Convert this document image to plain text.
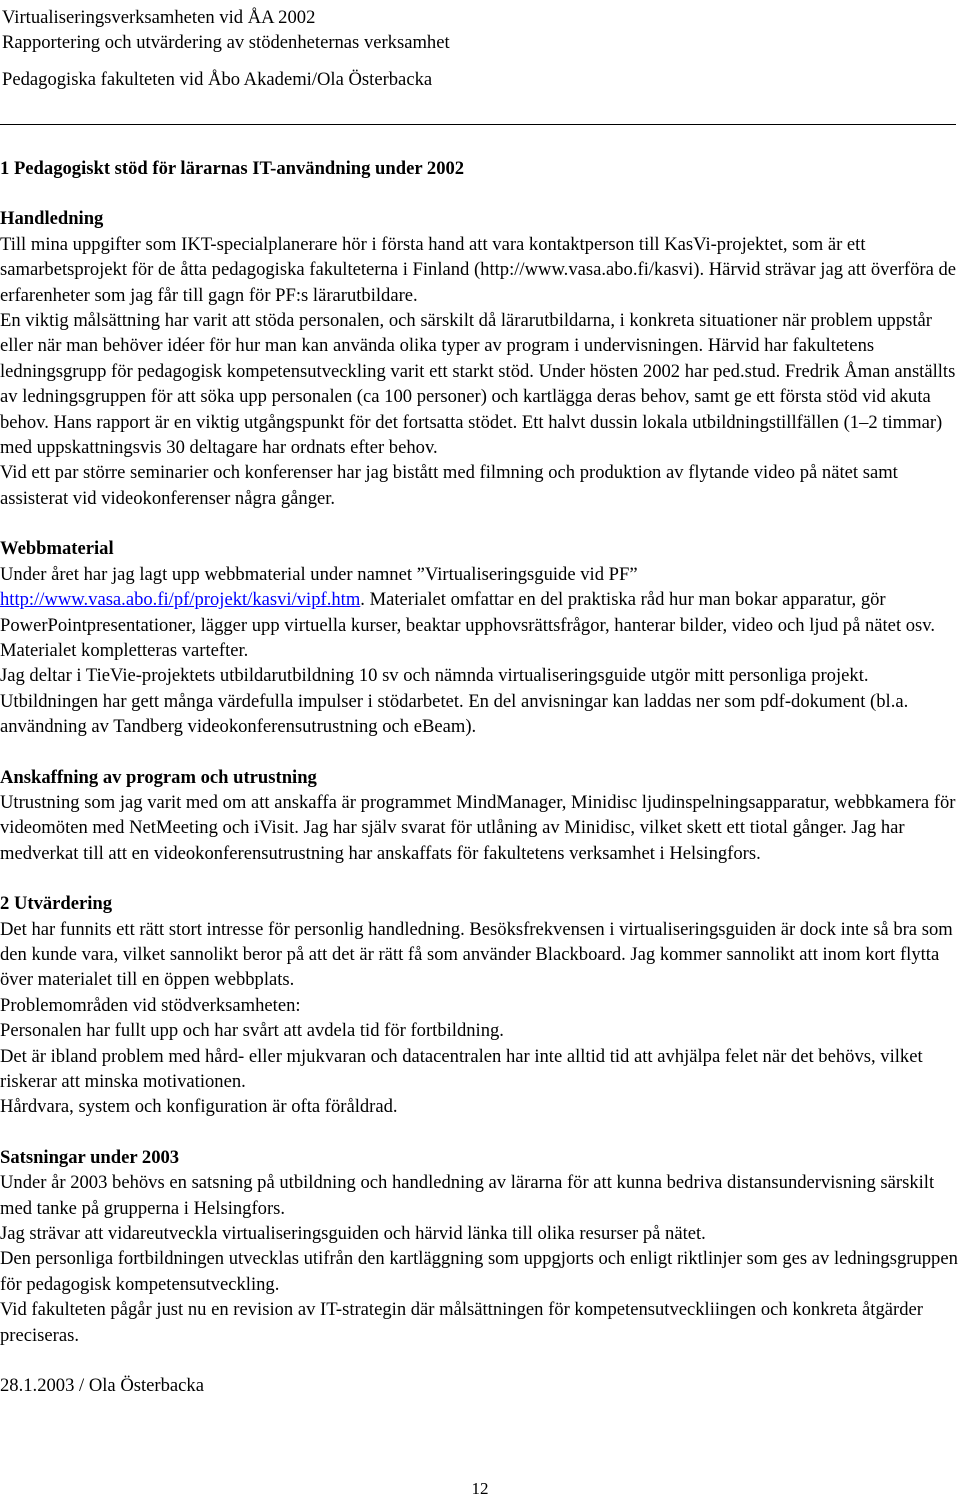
Virtualiseringsverksamheten vid ÅA 2002
Rapportering och utvärdering av stödenheternas verksamhet
Pedagogiska fakulteten vid Åbo Akademi/Ola Österbacka

1 Pedagogiskt stöd för lärarnas IT-användning under 2002

Handledning

Till mina uppgifter som IKT-specialplanerare hör i första hand att vara kontaktperson till KasVi-projektet, som är ett samarbetsprojekt för de åtta pedagogiska fakulteterna i Finland (http://www.vasa.abo.fi/kasvi). Härvid strävar jag att överföra de erfarenheter som jag får till gagn för PF:s lärarutbildare.

En viktig målsättning har varit att stöda personalen, och särskilt då lärarutbildarna, i konkreta situationer när problem uppstår eller när man behöver idéer för hur man kan använda olika typer av program i undervisningen. Härvid har fakultetens ledningsgrupp för pedagogisk kompetensutveckling varit ett starkt stöd. Under hösten 2002 har ped.stud. Fredrik Åman anställts av ledningsgruppen för att söka upp personalen (ca 100 personer) och kartlägga deras behov, samt ge ett första stöd vid akuta behov. Hans rapport är en viktig utgångspunkt för det fortsatta stödet. Ett halvt dussin lokala utbildningstillfällen (1–2 timmar) med uppskattningsvis 30 deltagare har ordnats efter behov.

Vid ett par större seminarier och konferenser har jag bistått med filmning och produktion av flytande video på nätet samt assisterat vid videokonferenser några gånger.

Webbmaterial

Under året har jag lagt upp webbmaterial under namnet ”Virtualiseringsguide vid PF” http://www.vasa.abo.fi/pf/projekt/kasvi/vipf.htm. Materialet omfattar en del praktiska råd hur man bokar apparatur, gör PowerPointpresentationer, lägger upp virtuella kurser, beaktar upphovsrättsfrågor, hanterar bilder, video och ljud på nätet osv. Materialet kompletteras vartefter.

Jag deltar i TieVie-projektets utbildarutbildning 10 sv och nämnda virtualiseringsguide utgör mitt personliga projekt. Utbildningen har gett många värdefulla impulser i stödarbetet. En del anvisningar kan laddas ner som pdf-dokument (bl.a. användning av Tandberg videokonferensutrustning och eBeam).

Anskaffning av program och utrustning

Utrustning som jag varit med om att anskaffa är programmet MindManager, Minidisc ljudinspelningsapparatur, webbkamera för videomöten med NetMeeting och iVisit. Jag har själv svarat för utlåning av Minidisc, vilket skett ett tiotal gånger. Jag har medverkat till att en videokonferensutrustning har anskaffats för fakultetens verksamhet i Helsingfors.

2 Utvärdering

Det har funnits ett rätt stort intresse för personlig handledning. Besöksfrekvensen i virtualiseringsguiden är dock inte så bra som den kunde vara, vilket sannolikt beror på att det är rätt få som använder Blackboard. Jag kommer sannolikt att inom kort flytta över materialet till en öppen webbplats.

Problemområden vid stödverksamheten:

Personalen har fullt upp och har svårt att avdela tid för fortbildning.

Det är ibland problem med hård- eller mjukvaran och datacentralen har inte alltid tid att avhjälpa felet när det behövs, vilket riskerar att minska motivationen.

Hårdvara, system och konfiguration är ofta föråldrad.

Satsningar under 2003

Under år 2003 behövs en satsning på utbildning och handledning av lärarna för att kunna bedriva distansundervisning särskilt med tanke på grupperna i Helsingfors.

Jag strävar att vidareutveckla virtualiseringsguiden och härvid länka till olika resurser på nätet.

Den personliga fortbildningen utvecklas utifrån den kartläggning som uppgjorts och enligt riktlinjer som ges av ledningsgruppen för pedagogisk kompetensutveckling.

Vid fakulteten pågår just nu en revision av IT-strategin där målsättningen för kompetensutveckliingen och konkreta åtgärder preciseras.

28.1.2003 / Ola Österbacka

12
